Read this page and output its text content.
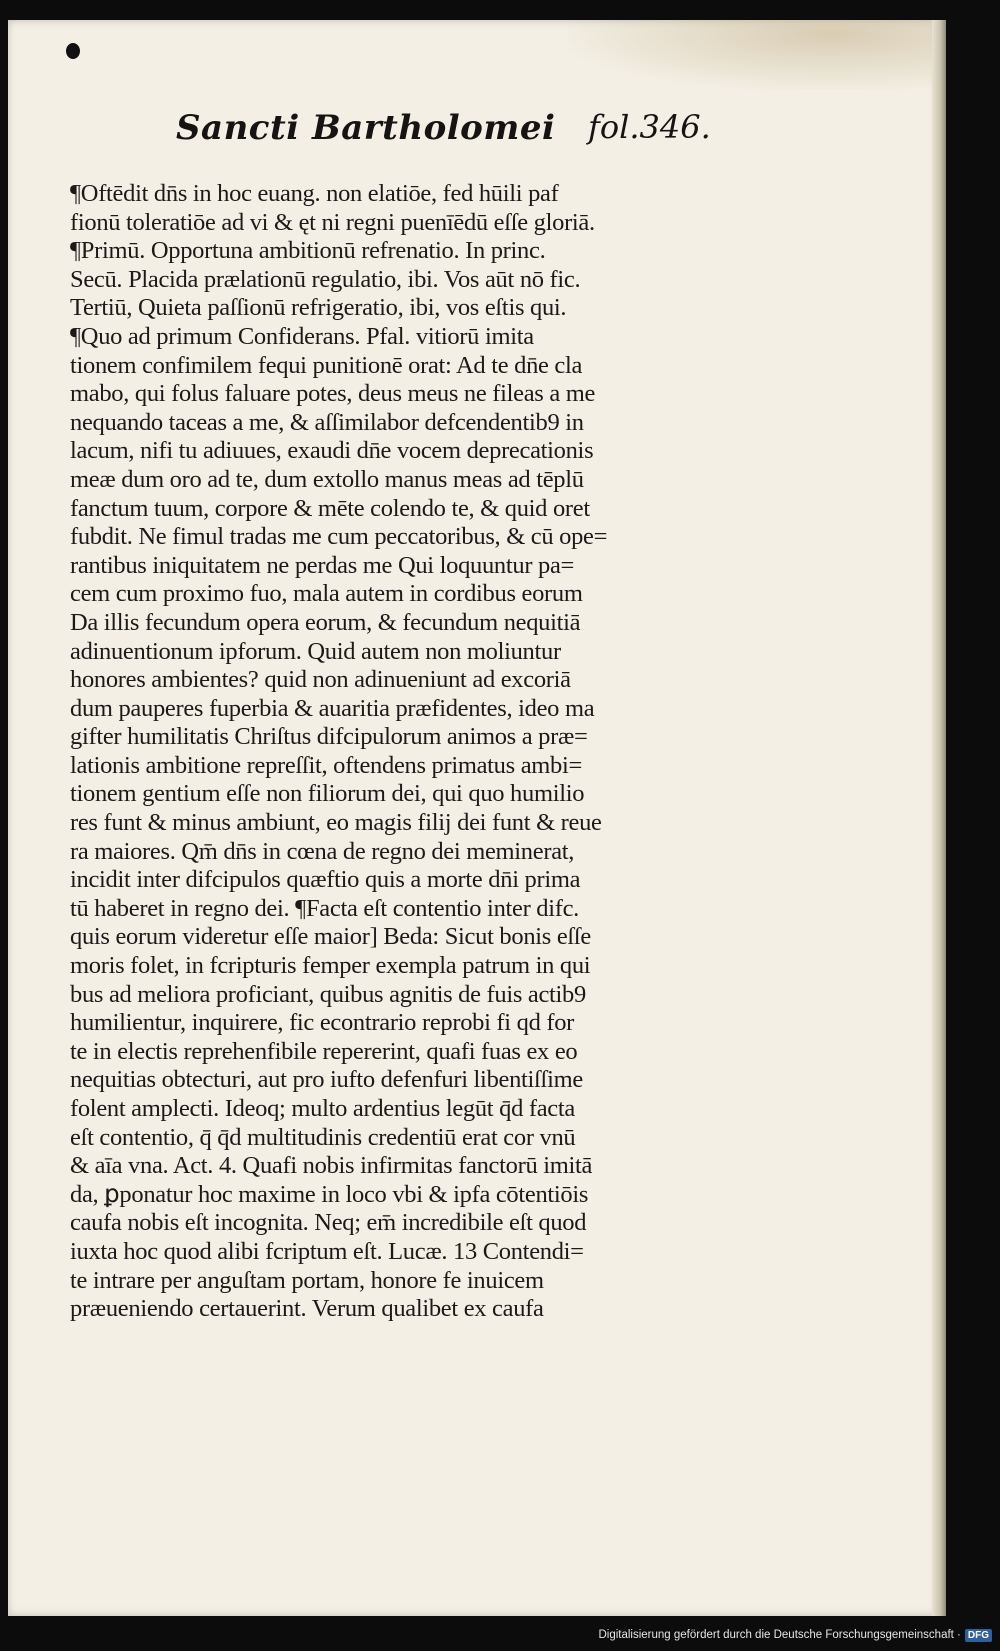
Sancti Bartholomei fol.346.
¶Oftēdit dn̄s in hoc euang. non elatiōe, fed hūili paf
fionū toleratiōe ad vi & ęt ni regni puenīēdū eſſe gloriā.
¶Primū. Opportuna ambitionū refrenatio. In princ.
Secū. Placida prælationū regulatio, ibi. Vos aūt nō fic.
Tertiū, Quieta paſſionū refrigeratio, ibi, vos eſtis qui.
¶Quo ad primum Confiderans. Pfal. vitiorū imita
tionem confimilem fequi punitionē orat: Ad te dn̄e cla
mabo, qui folus faluare potes, deus meus ne fileas a me
nequando taceas a me, & aſſimilabor defcendentib9 in
lacum, nifi tu adiuues, exaudi dn̄e vocem deprecationis
meæ dum oro ad te, dum extollo manus meas ad tēplū
fanctum tuum, corpore & mēte colendo te, & quid oret
fubdit. Ne fimul tradas me cum peccatoribus, & cū ope=
rantibus iniquitatem ne perdas me Qui loquuntur pa=
cem cum proximo fuo, mala autem in cordibus eorum
Da illis fecundum opera eorum, & fecundum nequitiā
adinuentionum ipforum. Quid autem non moliuntur
honores ambientes? quid non adinueniunt ad excoriā
dum pauperes fuperbia & auaritia præfidentes, ideo ma
gifter humilitatis Chriſtus difcipulorum animos a præ=
lationis ambitione repreſſit, oftendens primatus ambi=
tionem gentium eſſe non filiorum dei, qui quo humilio
res funt & minus ambiunt, eo magis filij dei funt & reue
ra maiores. Qm̄ dn̄s in cœna de regno dei meminerat,
incidit inter difcipulos quæftio quis a morte dn̄i prima
tū haberet in regno dei. ¶Facta eſt contentio inter difc.
quis eorum videretur eſſe maior] Beda: Sicut bonis eſſe
moris folet, in fcripturis femper exempla patrum in qui
bus ad meliora proficiant, quibus agnitis de fuis actib9
humilientur, inquirere, fic econtrario reprobi fi qd for
te in electis reprehenfibile repererint, quafi fuas ex eo
nequitias obtecturi, aut pro iufto defenfuri libentiſſime
folent amplecti. Ideoq; multo ardentius legūt q̄d facta
eſt contentio, q̄ q̄d multitudinis credentiū erat cor vnū
& aīa vna. Act. 4. Quafi nobis infirmitas fanctorū imitā
da, ꝑponatur hoc maxime in loco vbi & ipfa cōtentiōis
caufa nobis eſt incognita. Neq; em̄ incredibile eſt quod
iuxta hoc quod alibi fcriptum eſt. Lucæ. 13 Contendi=
te intrare per anguſtam portam, honore fe inuicem
præueniendo certauerint. Verum qualibet ex caufa
Digitalisierung gefördert durch die Deutsche Forschungsgemeinschaft · DFG
